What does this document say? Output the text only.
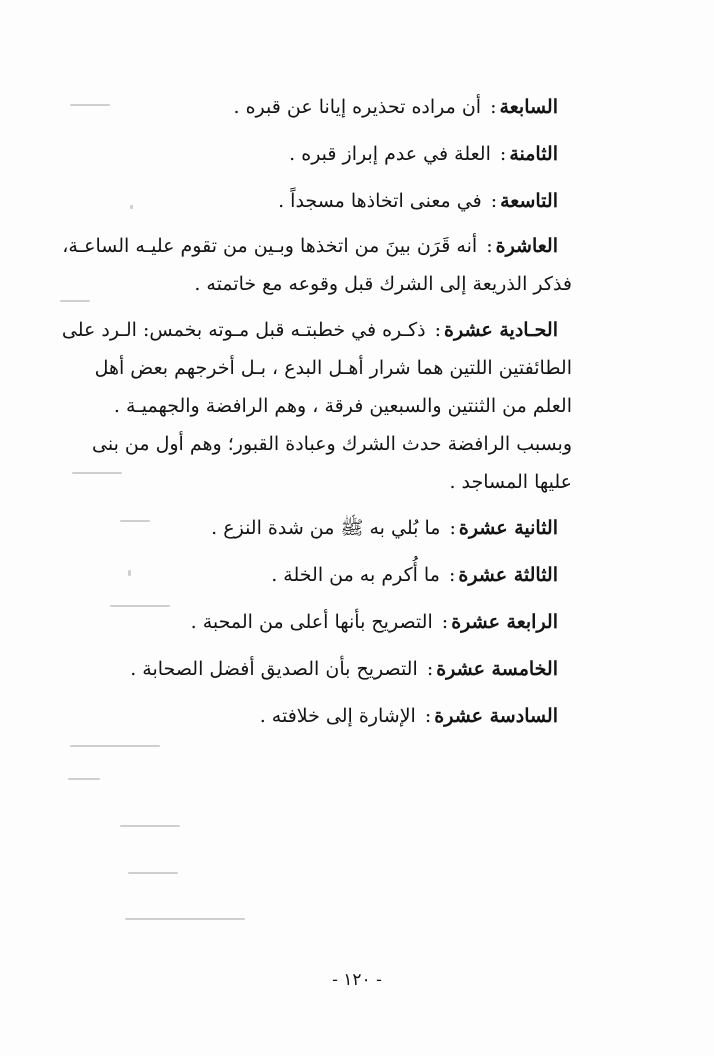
السابعة: أن مراده تحذيره إيانا عن قبره .
الثامنة: العلة في عدم إبراز قبره .
التاسعة: في معنى اتخاذها مسجداً .
العاشرة: أنه قَرَن بينَ من اتخذها وبـين من تقوم عليـه الساعـة، فذكر الذريعة إلى الشرك قبل وقوعه مع خاتمته .
الحـادية عشرة: ذكـره في خطبتـه قبل مـوته بخمس: الـرد على الطائفتين اللتين هما شرار أهـل البدع ، بـل أخرجهم بعض أهل العلم من الثنتين والسبعين فرقة ، وهم الرافضة والجهميـة . وبسبب الرافضة حدث الشرك وعبادة القبور؛ وهم أول من بنى عليها المساجد .
الثانية عشرة: ما بُلي به ﷺ من شدة النزع .
الثالثة عشرة: ما أُكرم به من الخلة .
الرابعة عشرة: التصريح بأنها أعلى من المحبة .
الخامسة عشرة: التصريح بأن الصديق أفضل الصحابة .
السادسة عشرة: الإشارة إلى خلافته .
- ١٢٠ -
